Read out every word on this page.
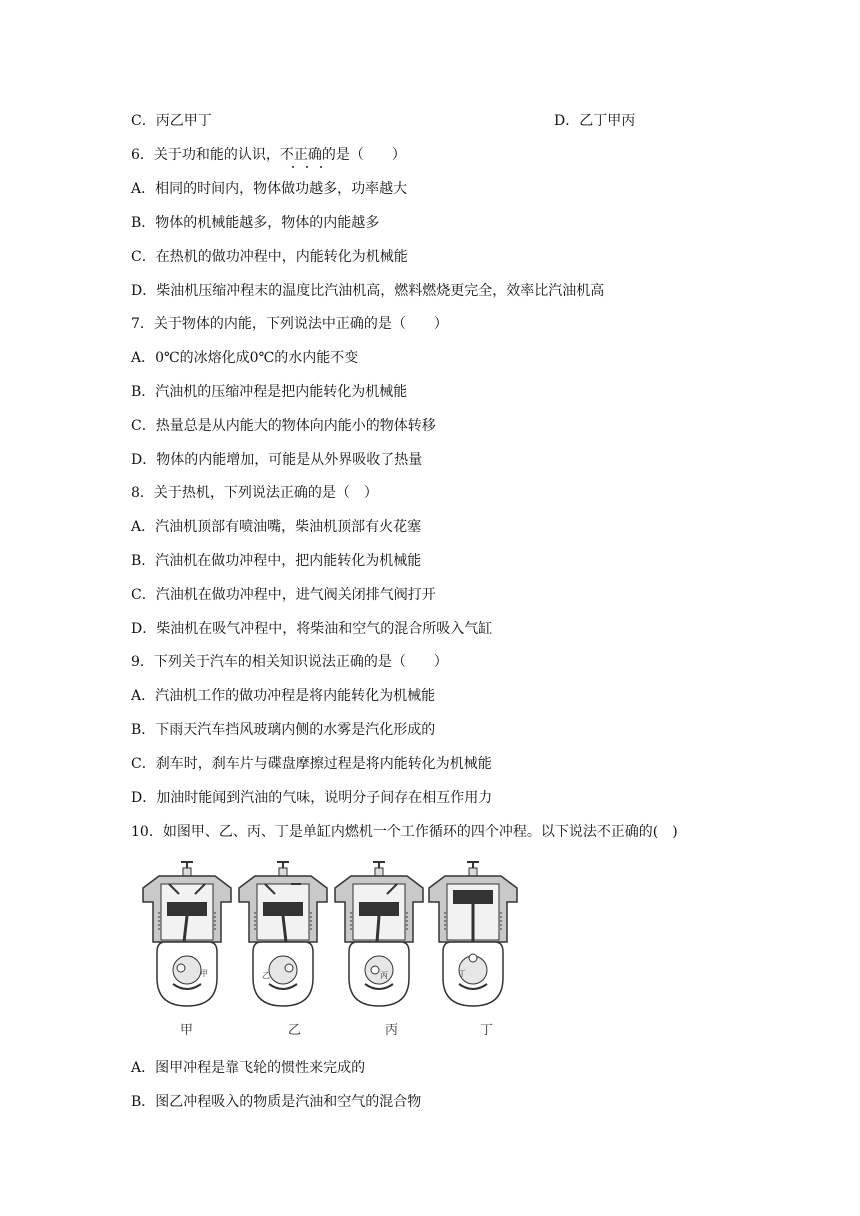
C．丙乙甲丁	D．乙丁甲丙
6．关于功和能的认识，不正确的是（　　）
A．相同的时间内，物体做功越多，功率越大
B．物体的机械能越多，物体的内能越多
C．在热机的做功冲程中，内能转化为机械能
D．柴油机压缩冲程末的温度比汽油机高，燃料燃烧更完全，效率比汽油机高
7．关于物体的内能，下列说法中正确的是（　　）
A．0℃的冰熔化成0℃的水内能不变
B．汽油机的压缩冲程是把内能转化为机械能
C．热量总是从内能大的物体向内能小的物体转移
D．物体的内能增加，可能是从外界吸收了热量
8．关于热机，下列说法正确的是（　）
A．汽油机顶部有喷油嘴，柴油机顶部有火花塞
B．汽油机在做功冲程中，把内能转化为机械能
C．汽油机在做功冲程中，进气阀关闭排气阀打开
D．柴油机在吸气冲程中，将柴油和空气的混合所吸入气缸
9．下列关于汽车的相关知识说法正确的是（　　）
A．汽油机工作的做功冲程是将内能转化为机械能
B．下雨天汽车挡风玻璃内侧的水雾是汽化形成的
C．刹车时，刹车片与碟盘摩擦过程是将内能转化为机械能
D．加油时能闻到汽油的气味，说明分子间存在相互作用力
10．如图甲、乙、丙、丁是单缸内燃机一个工作循环的四个冲程。以下说法不正确的(　)
甲	乙	丙	丁
甲	乙	丙	丁
A．图甲冲程是靠飞轮的惯性来完成的
B．图乙冲程吸入的物质是汽油和空气的混合物
